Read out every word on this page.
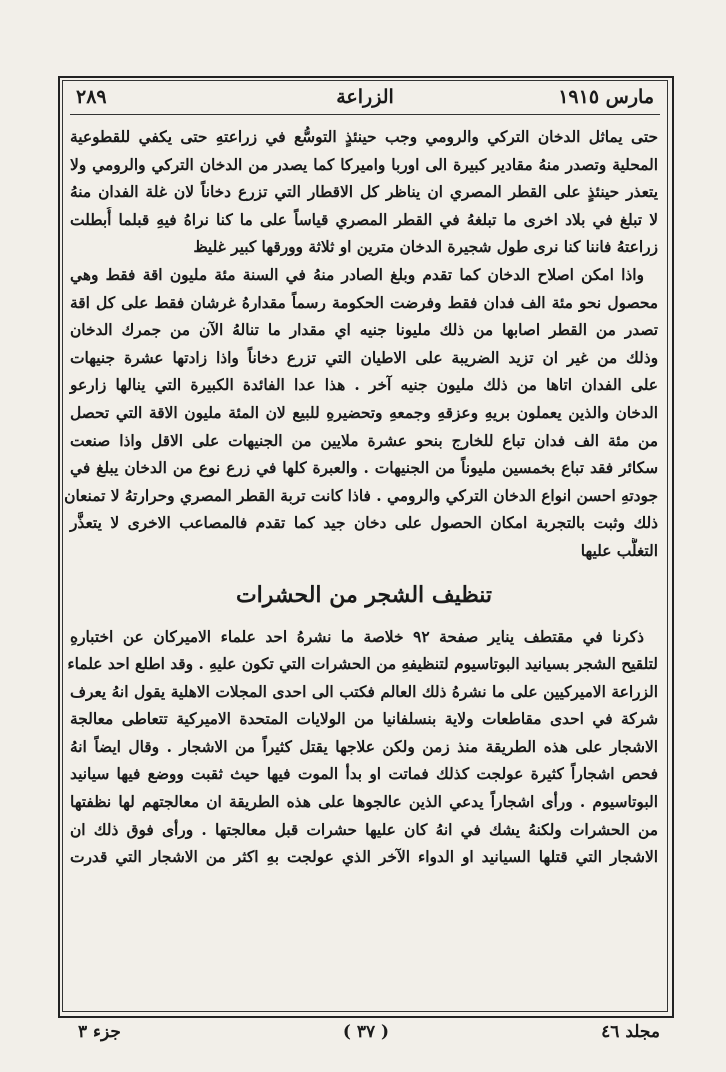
مارس ١٩١٥
الزراعة
٢٨٩
حتى يماثل الدخان التركي والرومي وجب حينئذٍ التوسُّع في زراعتهِ حتى يكفي للقطوعية
المحلية وتصدر منهُ مقادير كبيرة الى اوربا واميركا كما يصدر من الدخان التركي والرومي ولا
يتعذر حينئذٍ على القطر المصري ان يناظر كل الاقطار التي تزرع دخاناً لان غلة الفدان منهُ
لا تبلغ في بلاد اخرى ما تبلغهُ في القطر المصري قياساً على ما كنا نراهُ فيهِ قبلما أُبطلت
زراعتهُ فاننا كنا نرى طول شجيرة الدخان مترين او ثلاثة وورقها كبير غليظ
واذا امكن اصلاح الدخان كما تقدم وبلغ الصادر منهُ في السنة مئة مليون اقة فقط وهي
محصول نحو مئة الف فدان فقط وفرضت الحكومة رسماً مقدارهُ غرشان فقط على كل اقة
تصدر من القطر اصابها من ذلك مليونا جنيه اي مقدار ما تنالهُ الآن من جمرك الدخان
وذلك من غير ان تزيد الضريبة على الاطيان التي تزرع دخاناً واذا زادتها عشرة جنيهات
على الفدان اتاها من ذلك مليون جنيه آخر . هذا عدا الفائدة الكبيرة التي ينالها زارعو
الدخان والذين يعملون بريهِ وعزقهِ وجمعهِ وتحضيرهِ للبيع لان المئة مليون الاقة التي تحصل
من مئة الف فدان تباع للخارج بنحو عشرة ملايين من الجنيهات على الاقل واذا صنعت
سكائر فقد تباع بخمسين مليوناً من الجنيهات . والعبرة كلها في زرع نوع من الدخان يبلغ في
جودتهِ احسن انواع الدخان التركي والرومي . فاذا كانت تربة القطر المصري وحرارتهُ لا تمنعان
ذلك وثبت بالتجربة امكان الحصول على دخان جيد كما تقدم فالمصاعب الاخرى لا يتعذَّر
التغلُّب عليها
تنظيف الشجر من الحشرات
ذكرنا في مقتطف يناير صفحة ٩٢ خلاصة ما نشرهُ احد علماء الاميركان عن اختبارهِ
لتلقيح الشجر بسيانيد البوتاسيوم لتنظيفهِ من الحشرات التي تكون عليهِ . وقد اطلع احد علماء
الزراعة الاميركيين على ما نشرهُ ذلك العالم فكتب الى احدى المجلات الاهلية يقول انهُ يعرف
شركة في احدى مقاطعات ولاية بنسلفانيا من الولايات المتحدة الاميركية تتعاطى معالجة
الاشجار على هذه الطريقة منذ زمن ولكن علاجها يقتل كثيراً من الاشجار . وقال ايضاً انهُ
فحص اشجاراً كثيرة عولجت كذلك فماتت او بدأ الموت فيها حيث ثقبت ووضع فيها سيانيد
البوتاسيوم . ورأى اشجاراً يدعي الذين عالجوها على هذه الطريقة ان معالجتهم لها نظفتها
من الحشرات ولكنهُ يشك في انهُ كان عليها حشرات قبل معالجتها . ورأى فوق ذلك ان
الاشجار التي قتلها السيانيد او الدواء الآخر الذي عولجت بهِ اكثر من الاشجار التي قدرت
مجلد ٤٦
( ٣٧ )
جزء ٣
